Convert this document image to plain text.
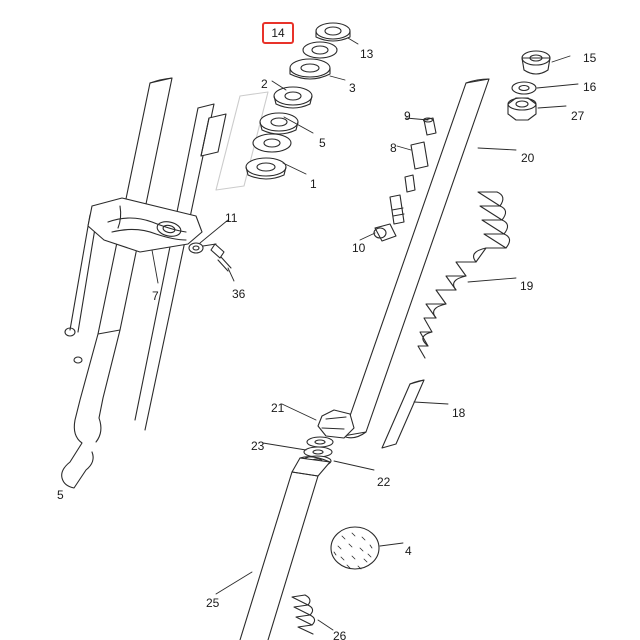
14
13
2	3
15
16
27
9
5	8
1
20
11
10
7	36
19
21	18
23
22
5
4
25
26
